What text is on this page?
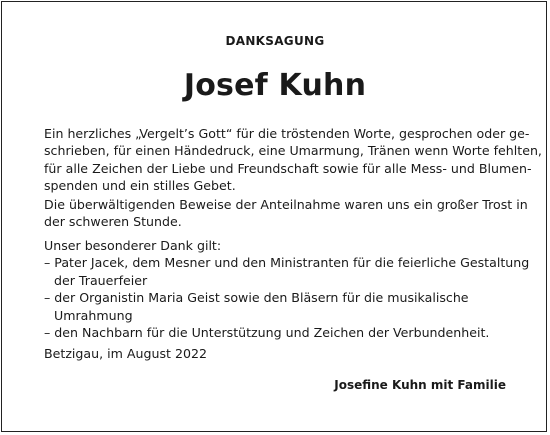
DANKSAGUNG
Josef Kuhn
Ein herzliches „Vergelt’s Gott“ für die tröstenden Worte, gesprochen oder ge-
schrieben, für einen Händedruck, eine Umarmung, Tränen wenn Worte fehlten,
für alle Zeichen der Liebe und Freundschaft sowie für alle Mess- und Blumen-
spenden und ein stilles Gebet.
Die überwältigenden Beweise der Anteilnahme waren uns ein großer Trost in
der schweren Stunde.
Unser besonderer Dank gilt:
– Pater Jacek, dem Mesner und den Ministranten für die feierliche Gestaltung
der Trauerfeier
– der Organistin Maria Geist sowie den Bläsern für die musikalische
Umrahmung
– den Nachbarn für die Unterstützung und Zeichen der Verbundenheit.
Betzigau, im August 2022
Josefine Kuhn mit Familie
